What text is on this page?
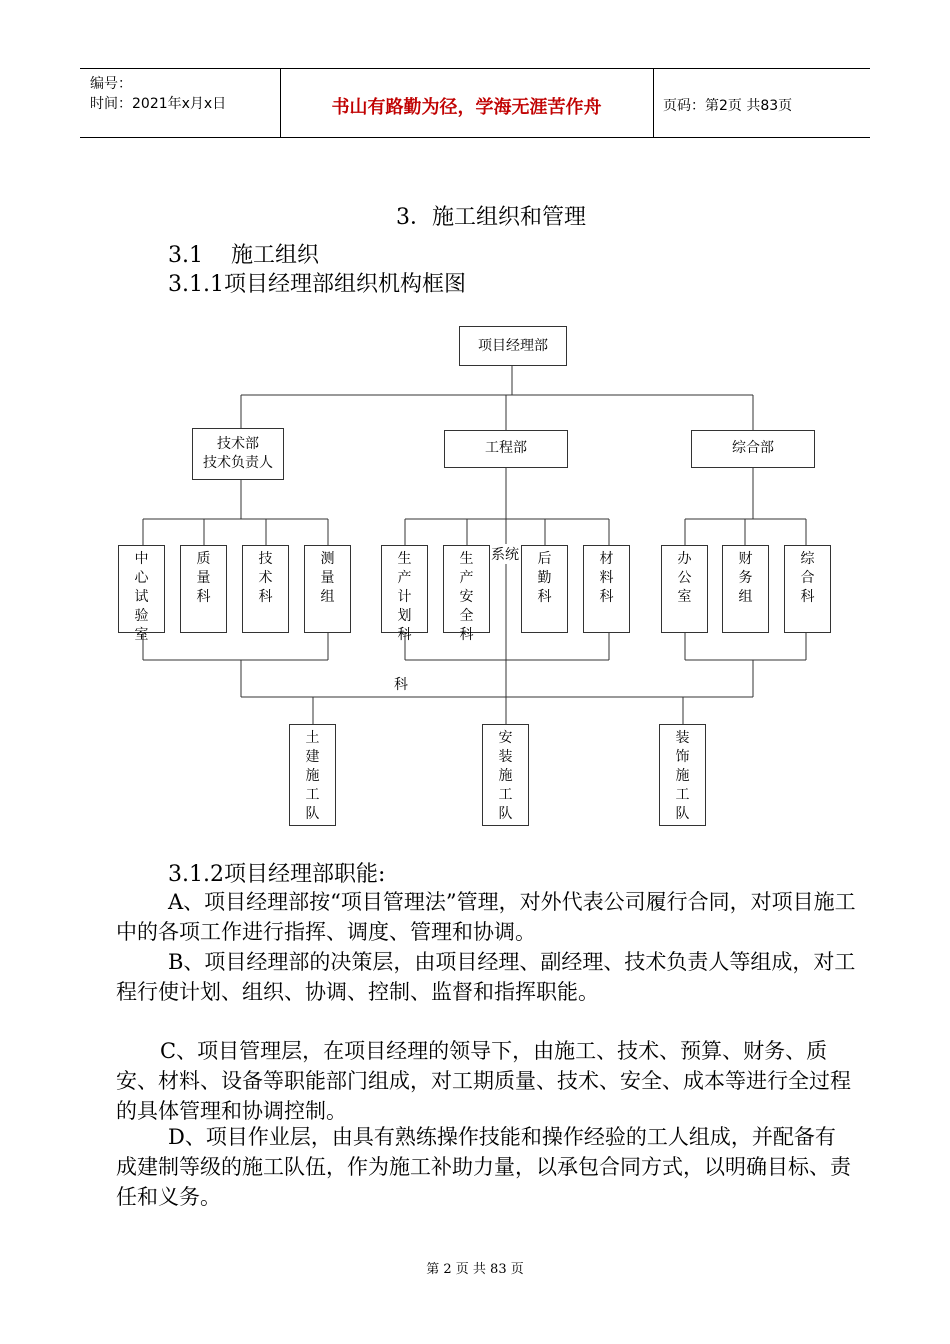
编号：
时间：2021年x月x日	书山有路勤为径，学海无涯苦作舟	页码：第2页 共83页
3．施工组织和管理
3.1    施工组织
3.1.1项目经理部组织机构框图
项目经理部
技术部
技术负责人
工程部	综合部
中心试验室
质量科
技术科
测量组
生产计划科
生产安全科
后勤科
材料科
办公室
财务组
综合科
系统
科
土建施工队
安装施工队
装饰施工队
3.1.2项目经理部职能:

A、项目经理部按“项目管理法”管理，对外代表公司履行合同，对项目施工中的各项工作进行指挥、调度、管理和协调。

B、项目经理部的决策层，由项目经理、副经理、技术负责人等组成，对工程行使计划、组织、协调、控制、监督和指挥职能。

C、项目管理层，在项目经理的领导下，由施工、技术、预算、财务、质安、材料、设备等职能部门组成，对工期质量、技术、安全、成本等进行全过程的具体管理和协调控制。

D、项目作业层，由具有熟练操作技能和操作经验的工人组成，并配备有成建制等级的施工队伍，作为施工补助力量，以承包合同方式，以明确目标、责任和义务。

第 2 页 共 83 页
